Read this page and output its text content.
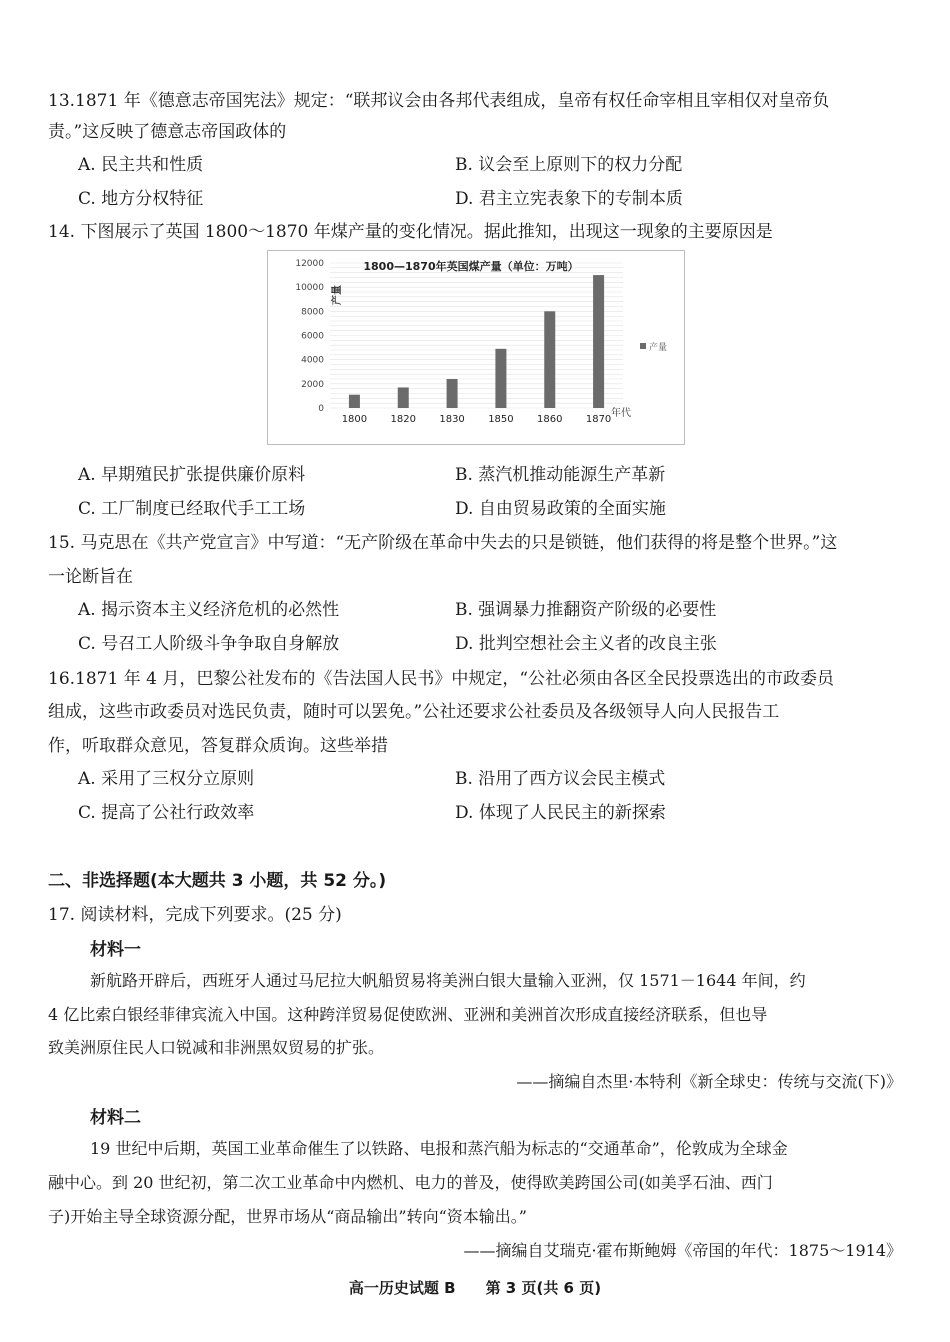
13.1871 年《德意志帝国宪法》规定：“联邦议会由各邦代表组成，皇帝有权任命宰相且宰相仅对皇帝负
责。”这反映了德意志帝国政体的
A. 民主共和性质	B. 议会至上原则下的权力分配
C. 地方分权特征	D. 君主立宪表象下的专制本质
14. 下图展示了英国 1800～1870 年煤产量的变化情况。据此推知，出现这一现象的主要原因是
0
2000
4000
6000
8000
10000
12000
1800 1820 1830 1850 1860 1870
1800—1870年英国煤产量（单位：万吨）
产量
年代
产量
A. 早期殖民扩张提供廉价原料	B. 蒸汽机推动能源生产革新
C. 工厂制度已经取代手工工场	D. 自由贸易政策的全面实施
15. 马克思在《共产党宣言》中写道：“无产阶级在革命中失去的只是锁链，他们获得的将是整个世界。”这
一论断旨在
A. 揭示资本主义经济危机的必然性	B. 强调暴力推翻资产阶级的必要性
C. 号召工人阶级斗争争取自身解放	D. 批判空想社会主义者的改良主张
16.1871 年 4 月，巴黎公社发布的《告法国人民书》中规定，“公社必须由各区全民投票选出的市政委员
组成，这些市政委员对选民负责，随时可以罢免。”公社还要求公社委员及各级领导人向人民报告工
作，听取群众意见，答复群众质询。这些举措
A. 采用了三权分立原则	B. 沿用了西方议会民主模式
C. 提高了公社行政效率	D. 体现了人民民主的新探索
二、非选择题(本大题共 3 小题，共 52 分。)
17. 阅读材料，完成下列要求。(25 分)
材料一
新航路开辟后，西班牙人通过马尼拉大帆船贸易将美洲白银大量输入亚洲，仅 1571－1644 年间，约
4 亿比索白银经菲律宾流入中国。这种跨洋贸易促使欧洲、亚洲和美洲首次形成直接经济联系，但也导
致美洲原住民人口锐减和非洲黑奴贸易的扩张。
——摘编自杰里·本特利《新全球史：传统与交流(下)》
材料二
19 世纪中后期，英国工业革命催生了以铁路、电报和蒸汽船为标志的“交通革命”，伦敦成为全球金
融中心。到 20 世纪初，第二次工业革命中内燃机、电力的普及，使得欧美跨国公司(如美孚石油、西门
子)开始主导全球资源分配，世界市场从“商品输出”转向“资本输出。”
——摘编自艾瑞克·霍布斯鲍姆《帝国的年代：1875～1914》
高一历史试题 B　　第 3 页(共 6 页)
